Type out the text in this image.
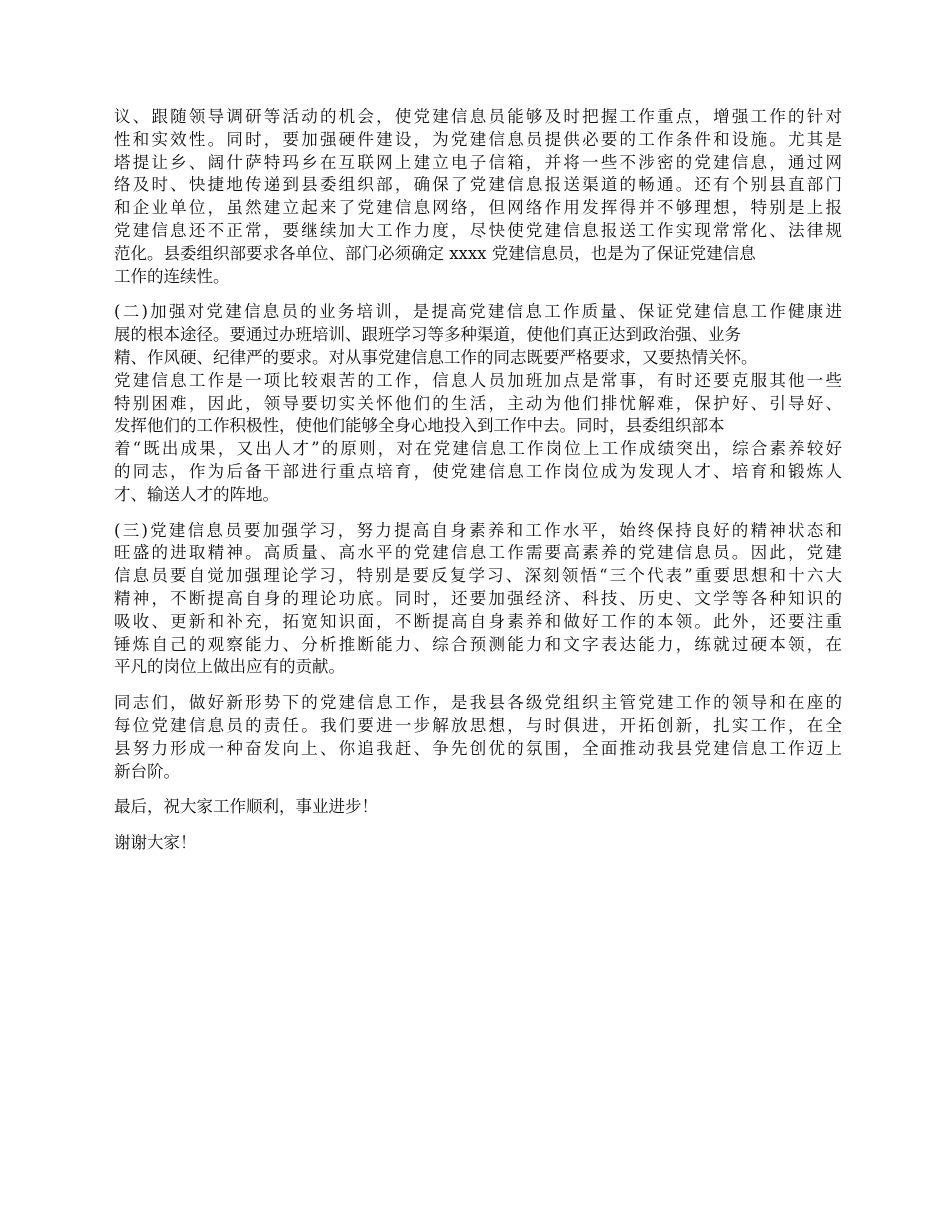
议、跟随领导调研等活动的机会，使党建信息员能够及时把握工作重点，增强工作的针对
性和实效性。同时，要加强硬件建设，为党建信息员提供必要的工作条件和设施。尤其是
塔提让乡、阔什萨特玛乡在互联网上建立电子信箱，并将一些不涉密的党建信息，通过网
络及时、快捷地传递到县委组织部，确保了党建信息报送渠道的畅通。还有个别县直部门
和企业单位，虽然建立起来了党建信息网络，但网络作用发挥得并不够理想，特别是上报
党建信息还不正常，要继续加大工作力度，尽快使党建信息报送工作实现常常化、法律规
范化。县委组织部要求各单位、部门必须确定 xxxx 党建信息员，也是为了保证党建信息
工作的连续性。

(二)加强对党建信息员的业务培训，是提高党建信息工作质量、保证党建信息工作健康进
展的根本途径。要通过办班培训、跟班学习等多种渠道，使他们真正达到政治强、业务
精、作风硬、纪律严的要求。对从事党建信息工作的同志既要严格要求，又要热情关怀。
党建信息工作是一项比较艰苦的工作，信息人员加班加点是常事，有时还要克服其他一些
特别困难，因此，领导要切实关怀他们的生活，主动为他们排忧解难，保护好、引导好、
发挥他们的工作积极性，使他们能够全身心地投入到工作中去。同时，县委组织部本
着“既出成果，又出人才”的原则，对在党建信息工作岗位上工作成绩突出，综合素养较好
的同志，作为后备干部进行重点培育，使党建信息工作岗位成为发现人才、培育和锻炼人
才、输送人才的阵地。

(三)党建信息员要加强学习，努力提高自身素养和工作水平，始终保持良好的精神状态和
旺盛的进取精神。高质量、高水平的党建信息工作需要高素养的党建信息员。因此，党建
信息员要自觉加强理论学习，特别是要反复学习、深刻领悟“三个代表”重要思想和十六大
精神，不断提高自身的理论功底。同时，还要加强经济、科技、历史、文学等各种知识的
吸收、更新和补充，拓宽知识面，不断提高自身素养和做好工作的本领。此外，还要注重
锤炼自己的观察能力、分析推断能力、综合预测能力和文字表达能力，练就过硬本领，在
平凡的岗位上做出应有的贡献。

同志们，做好新形势下的党建信息工作，是我县各级党组织主管党建工作的领导和在座的
每位党建信息员的责任。我们要进一步解放思想，与时俱进，开拓创新，扎实工作，在全
县努力形成一种奋发向上、你追我赶、争先创优的氛围，全面推动我县党建信息工作迈上
新台阶。

最后，祝大家工作顺利，事业进步！

谢谢大家！
